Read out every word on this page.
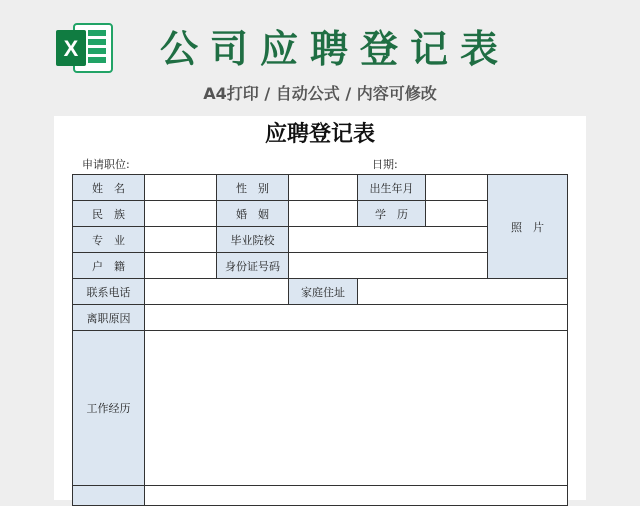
X 公司应聘登记表
A4打印 / 自动公式 / 内容可修改
应聘登记表
申请职位:	日期:
姓　名		性　别		出生年月		照　片
民　族		婚　姻		学　历		
专　业		毕业院校				
户　籍		身份证号码				
联系电话			家庭住址			
离职原因						
工作经历						
